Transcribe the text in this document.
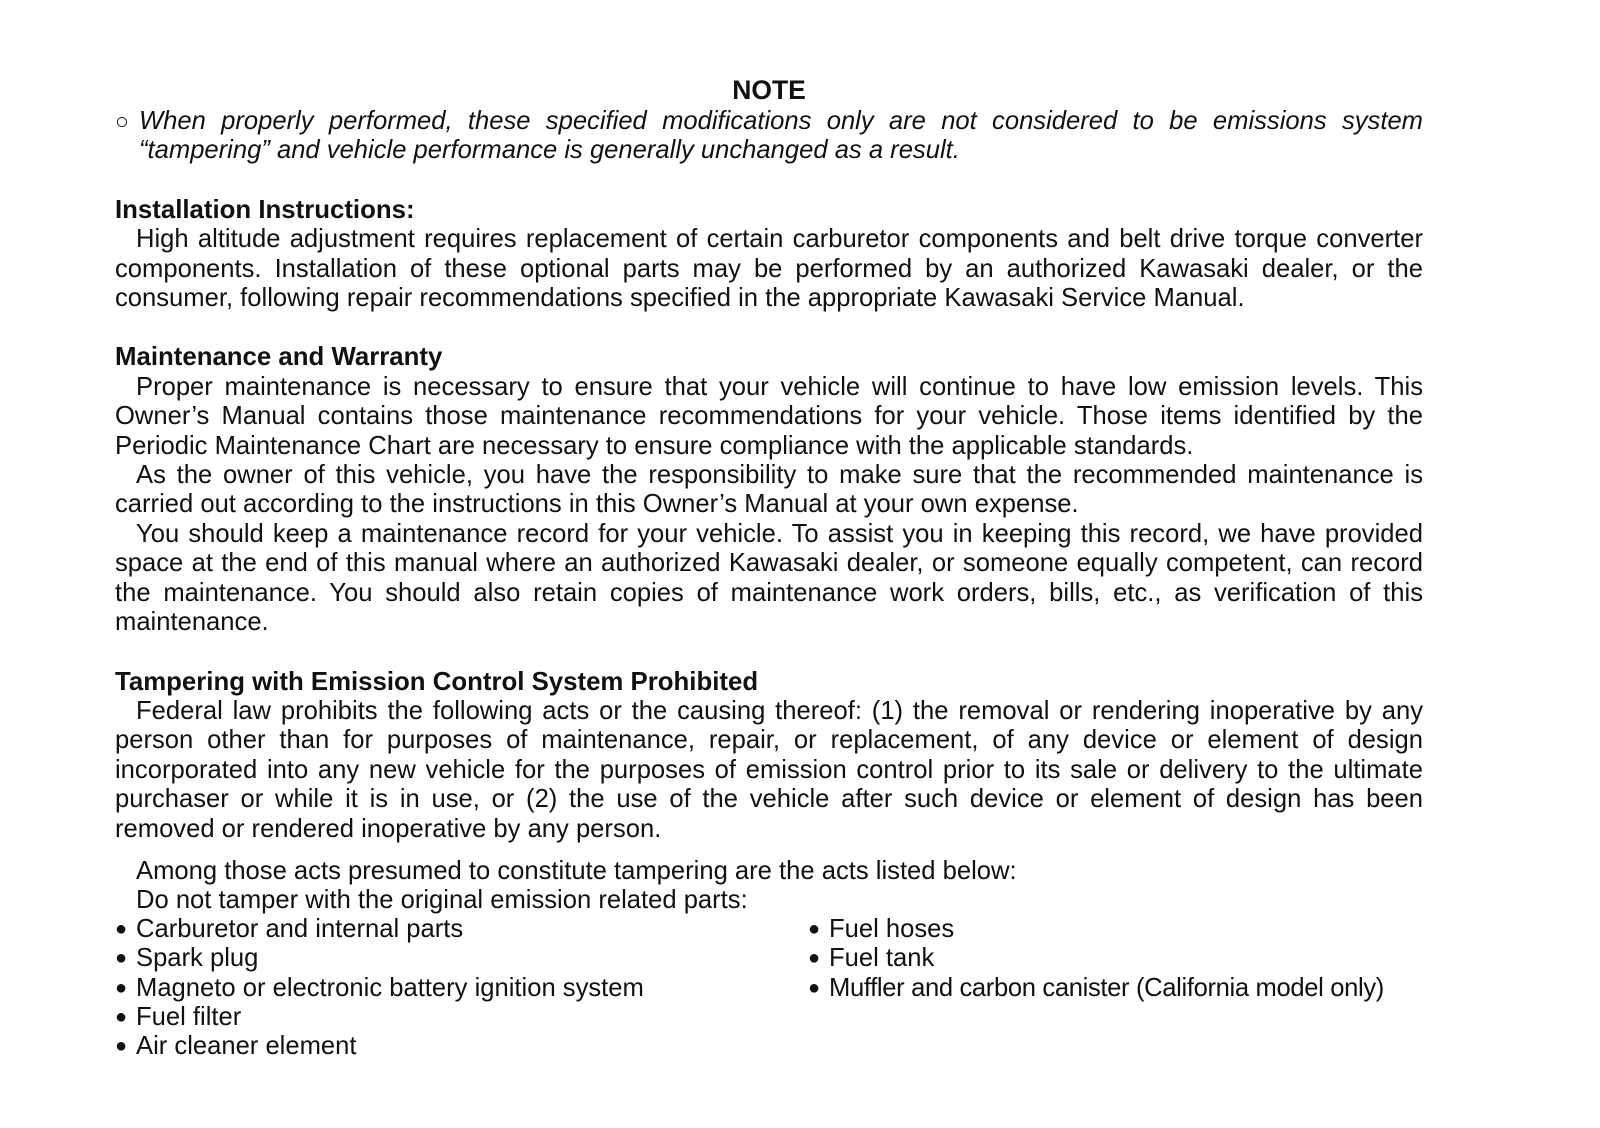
NOTE
○ When properly performed, these specified modifications only are not considered to be emissions system “tampering” and vehicle performance is generally unchanged as a result.
Installation Instructions:

High altitude adjustment requires replacement of certain carburetor components and belt drive torque converter components. Installation of these optional parts may be performed by an authorized Kawasaki dealer, or the consumer, following repair recommendations specified in the appropriate Kawasaki Service Manual.

Maintenance and Warranty

Proper maintenance is necessary to ensure that your vehicle will continue to have low emission levels. This Owner’s Manual contains those maintenance recommendations for your vehicle. Those items identified by the Periodic Maintenance Chart are necessary to ensure compliance with the applicable standards.

As the owner of this vehicle, you have the responsibility to make sure that the recommended maintenance is carried out according to the instructions in this Owner’s Manual at your own expense.

You should keep a maintenance record for your vehicle. To assist you in keeping this record, we have provided space at the end of this manual where an authorized Kawasaki dealer, or someone equally competent, can record the maintenance. You should also retain copies of maintenance work orders, bills, etc., as verification of this maintenance.

Tampering with Emission Control System Prohibited

Federal law prohibits the following acts or the causing thereof: (1) the removal or rendering inoperative by any person other than for purposes of maintenance, repair, or replacement, of any device or element of design incorporated into any new vehicle for the purposes of emission control prior to its sale or delivery to the ultimate purchaser or while it is in use, or (2) the use of the vehicle after such device or element of design has been removed or rendered inoperative by any person.

Among those acts presumed to constitute tampering are the acts listed below:

Do not tamper with the original emission related parts:

● Carburetor and internal parts
● Spark plug
● Magneto or electronic battery ignition system
● Fuel filter
● Air cleaner element
● Fuel hoses
● Fuel tank
● Muffler and carbon canister (California model only)
